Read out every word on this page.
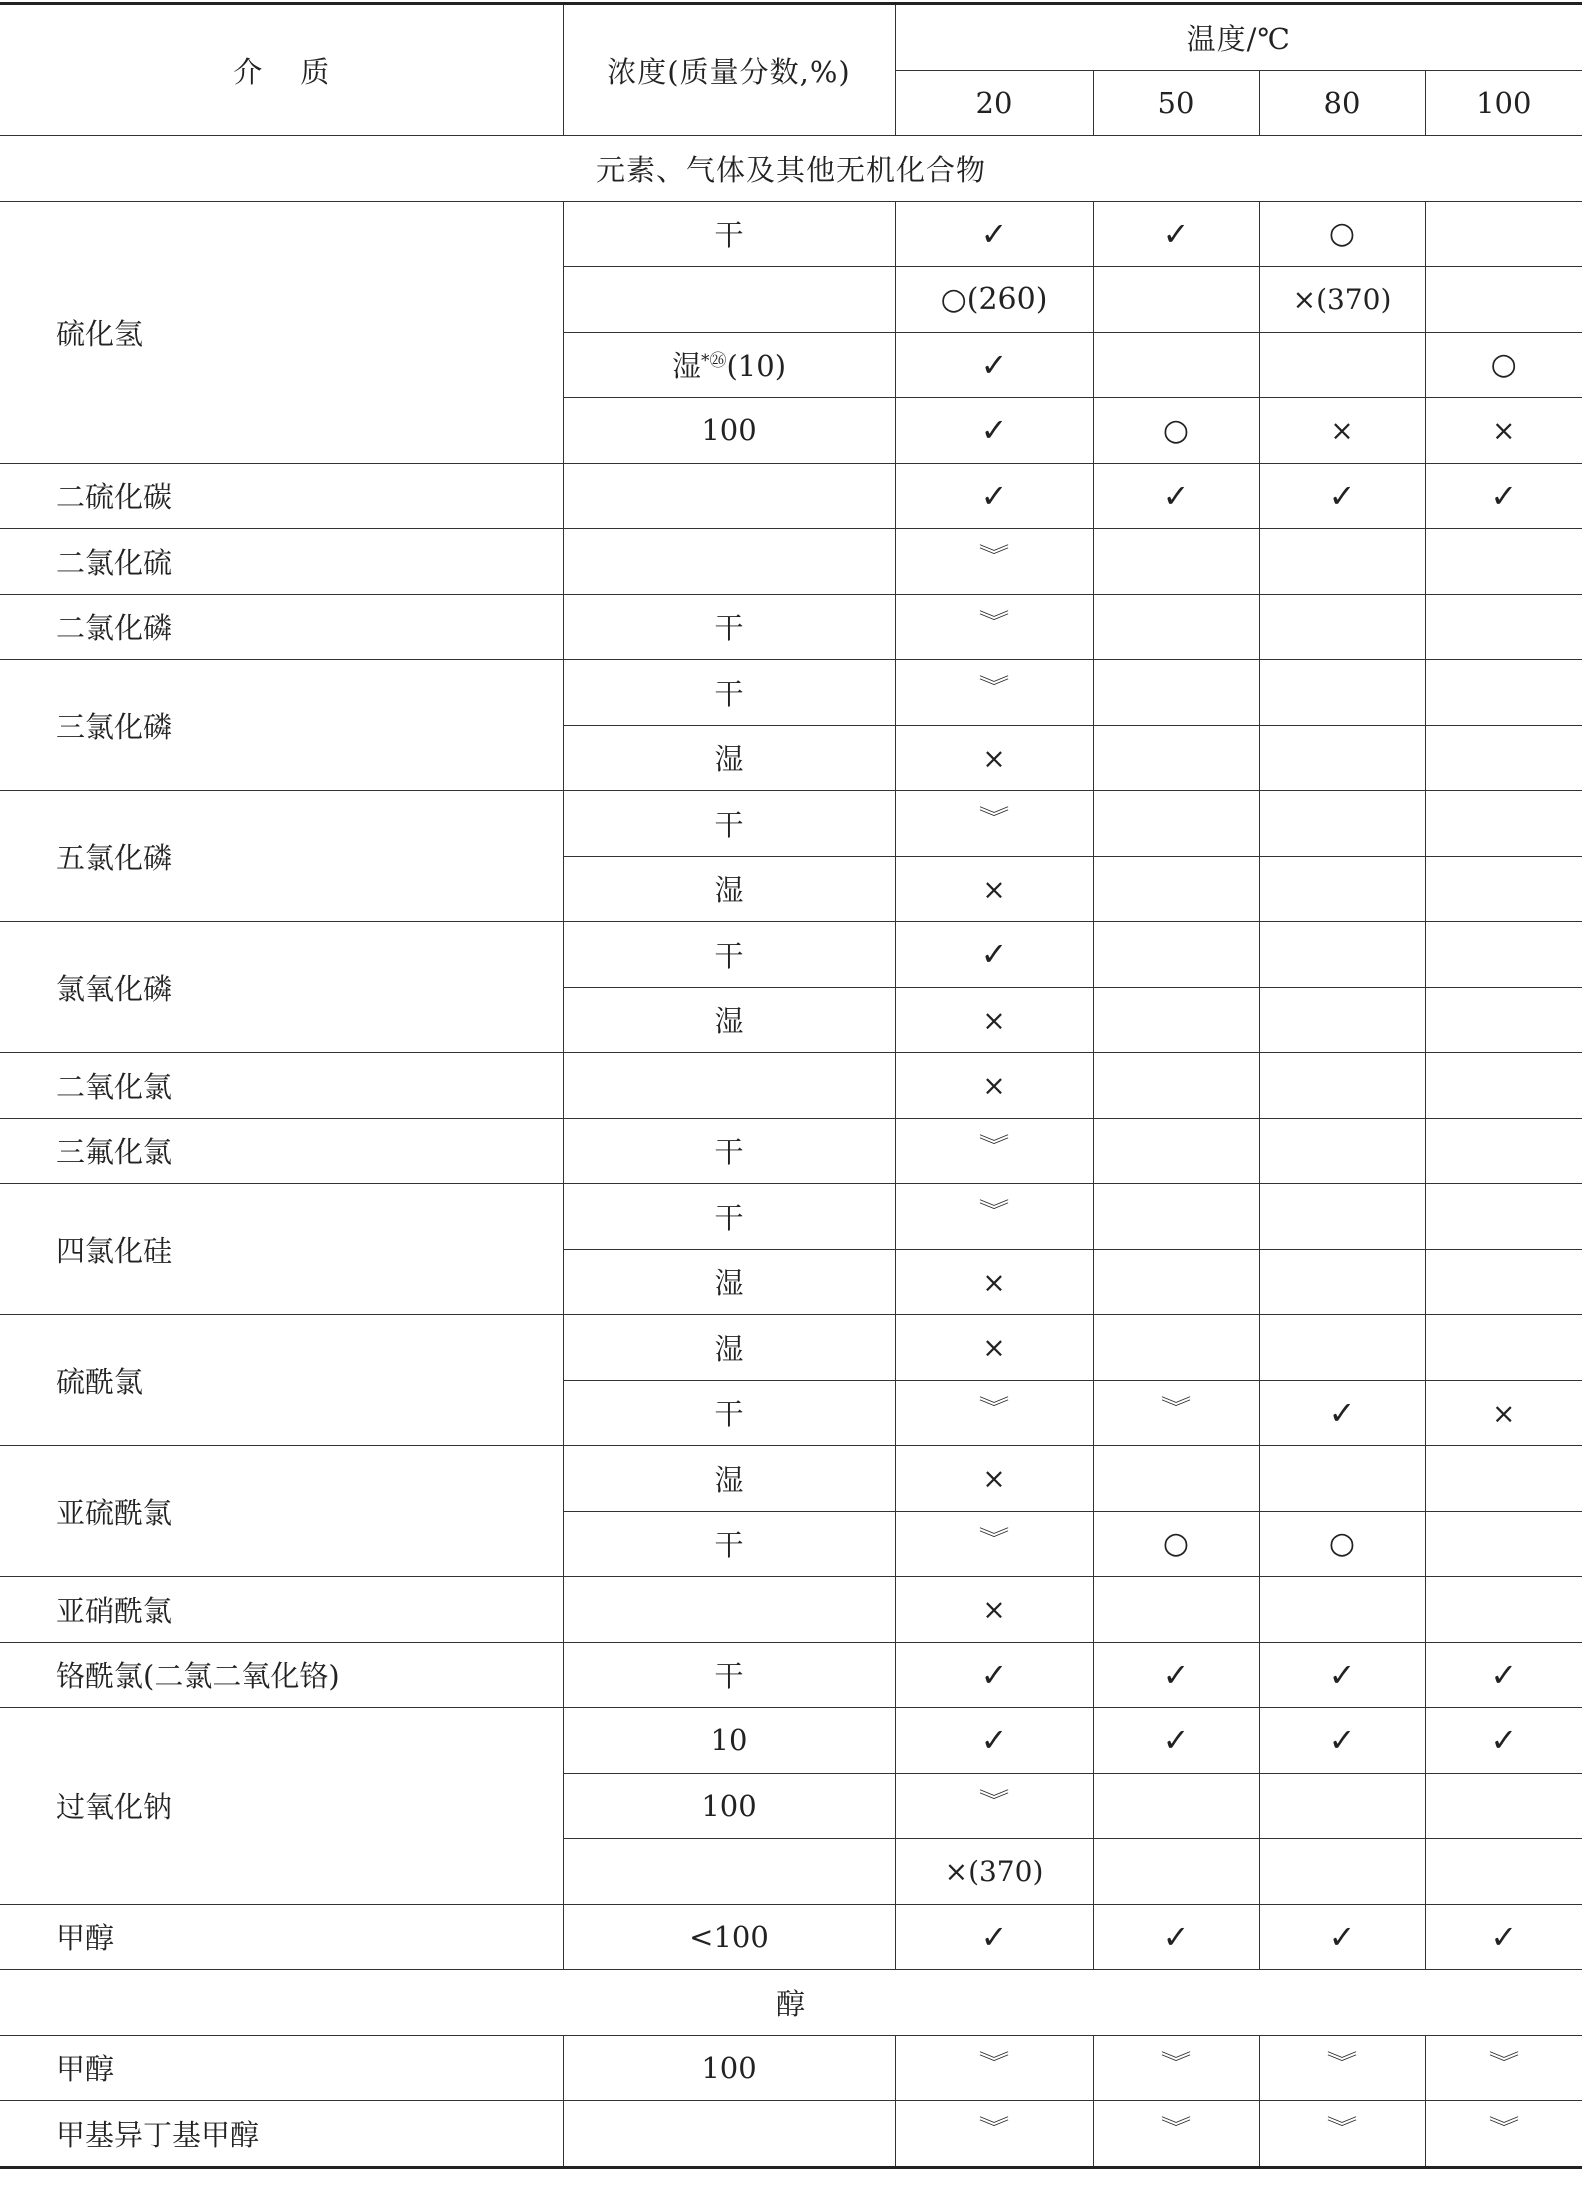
介质	浓度(质量分数,%)	温度/℃			
		20	50	80	100
元素、气体及其他无机化合物					
硫化氢	干	✓	✓	○	
		○(260)		×(370)	
	湿$^{*㉖}$(10)	✓			○
	100	✓	○	×	×
二硫化碳		✓	✓	✓	✓
二氯化硫		︾			
二氯化磷	干	︾			
三氯化磷	干	︾			
	湿	×			
五氯化磷	干	︾			
	湿	×			
氯氧化磷	干	✓			
	湿	×			
二氧化氯		×			
三氟化氯	干	︾			
四氯化硅	干	︾			
	湿	×			
硫酰氯	湿	×			
	干	︾	︾	✓	×
亚硫酰氯	湿	×			
	干	︾	○	○	
亚硝酰氯		×			
铬酰氯(二氯二氧化铬)	干	✓	✓	✓	✓
过氧化钠	10	✓	✓	✓	✓
	100	︾			
		×(370)			
甲醇	<100	✓	✓	✓	✓
醇					
甲醇	100	︾	︾	︾	︾
甲基异丁基甲醇		︾	︾	︾	︾
